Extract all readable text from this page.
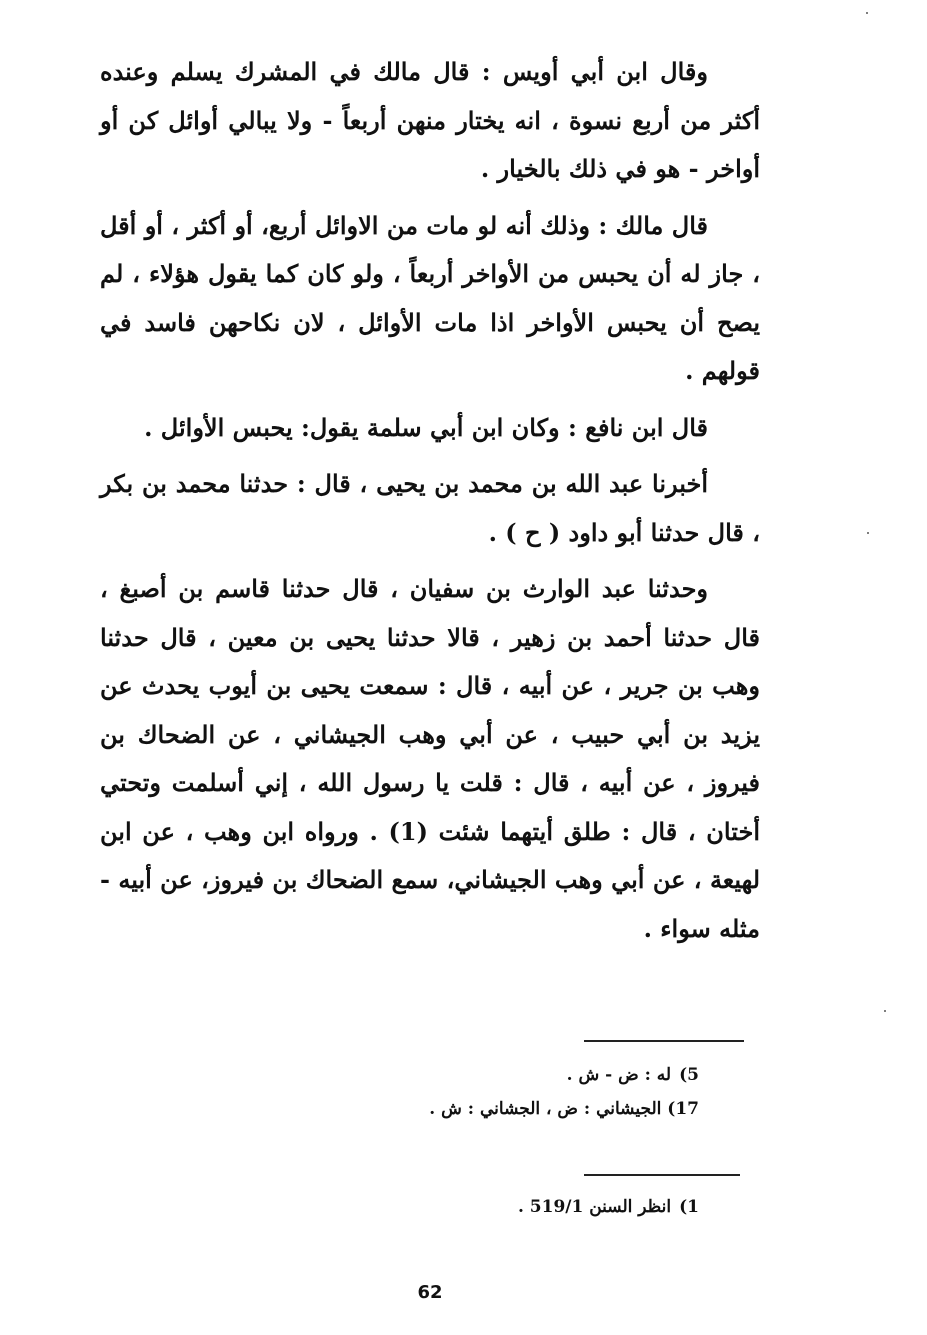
وقال ابن أبي أويس : قال مالك في المشرك يسلم وعنده أكثر من أربع نسوة ، انه يختار منهن أربعاً - ولا يبالي أوائل كن أو أواخر - هو في ذلك بالخيار .

قال مالك : وذلك أنه لو مات من الاوائل أربع، أو أكثر ، أو أقل ، جاز له أن يحبس من الأواخر أربعاً ، ولو كان كما يقول هؤلاء ، لم يصح أن يحبس الأواخر اذا مات الأوائل ، لان نكاحهن فاسد في قولهم .

قال ابن نافع : وكان ابن أبي سلمة يقول: يحبس الأوائل .

أخبرنا عبد الله بن محمد بن يحيى ، قال : حدثنا محمد بن بكر ، قال حدثنا أبو داود ( ح ) .

وحدثنا عبد الوارث بن سفيان ، قال حدثنا قاسم بن أصبغ ، قال حدثنا أحمد بن زهير ، قالا حدثنا يحيى بن معين ، قال حدثنا وهب بن جرير ، عن أبيه ، قال : سمعت يحيى بن أيوب يحدث عن يزيد بن أبي حبيب ، عن أبي وهب الجيشاني ، عن الضحاك بن فيروز ، عن أبيه ، قال : قلت يا رسول الله ، إني أسلمت وتحتي أختان ، قال : طلق أيتهما شئت (1) . ورواه ابن وهب ، عن ابن لهيعة ، عن أبي وهب الجيشاني، سمع الضحاك بن فيروز، عن أبيه - مثله سواء .

5) له : ض - ش .
17) الجيشاني : ض ، الجشاني : ش .
1) انظر السنن 519/1 .
62
